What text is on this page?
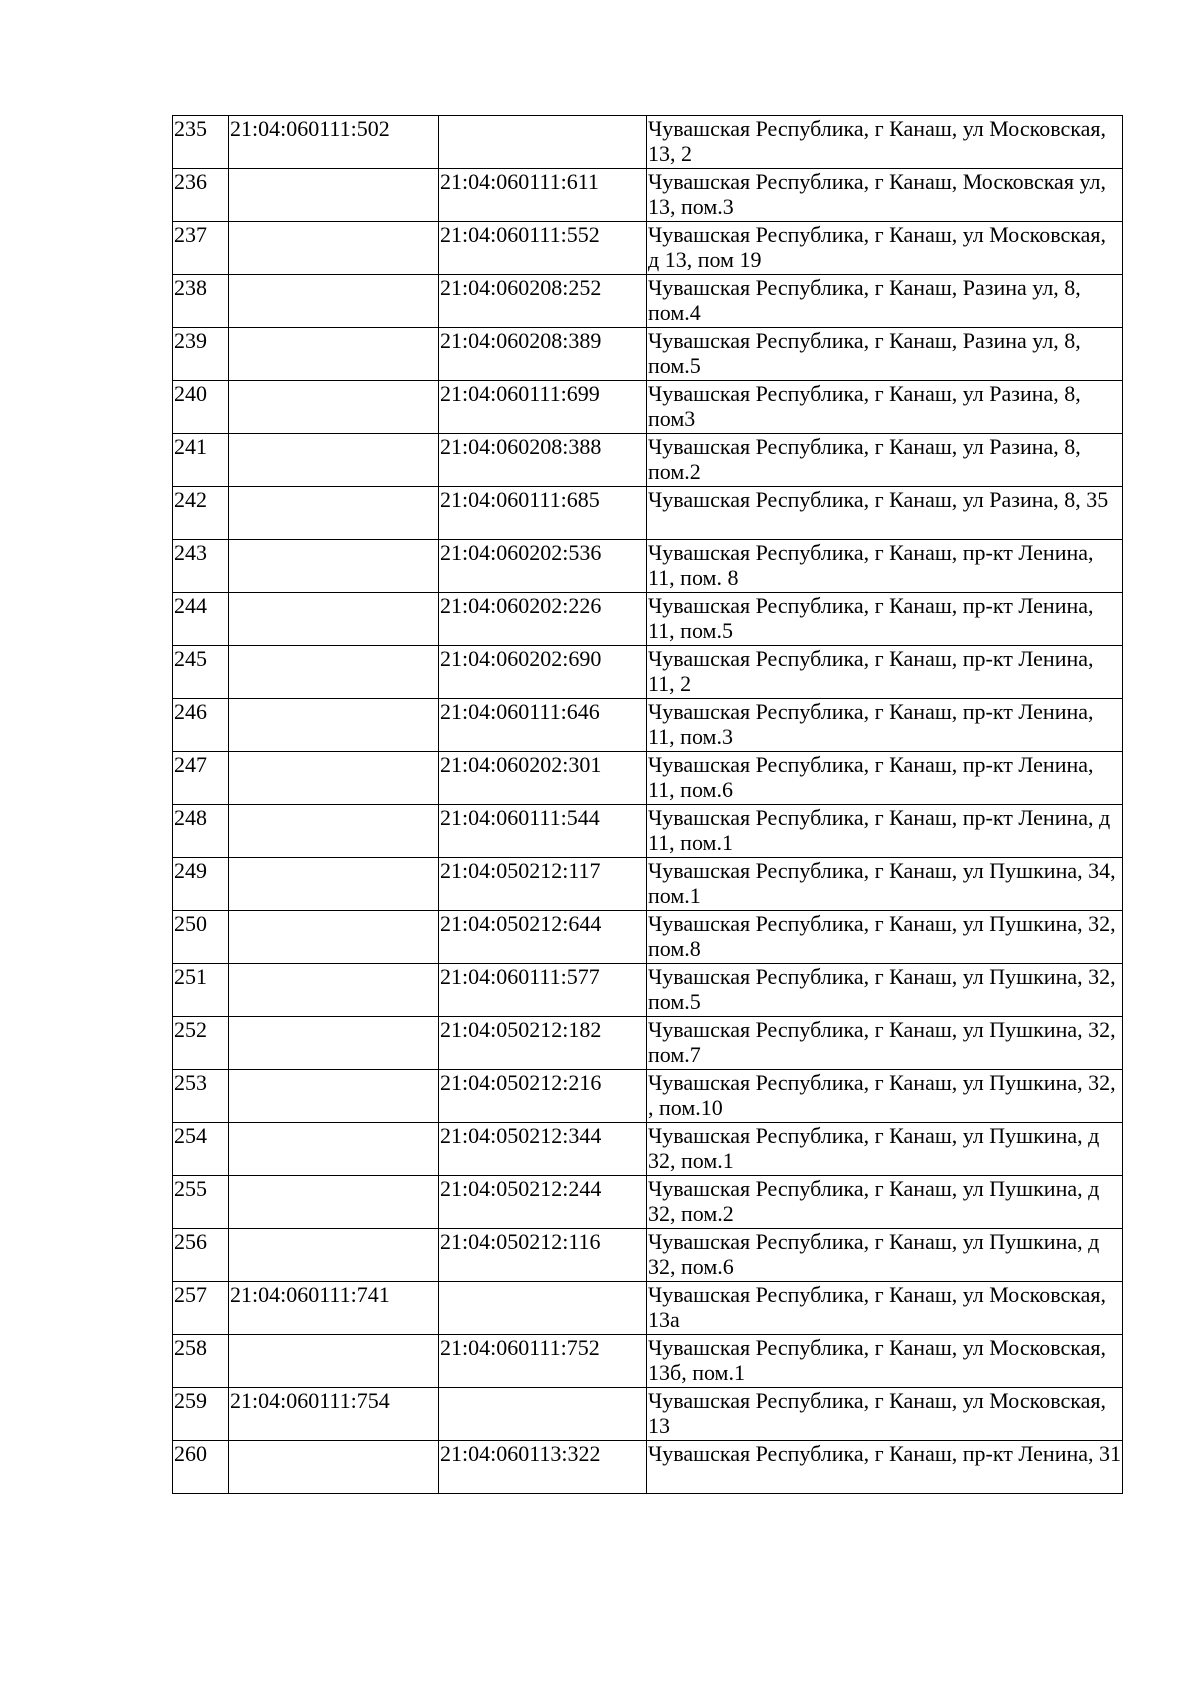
235	21:04:060111:502		Чувашская Республика, г Канаш, ул Московская, 13, 2
236		21:04:060111:611	Чувашская Республика, г Канаш, Московская ул, 13, пом.3
237		21:04:060111:552	Чувашская Республика, г Канаш, ул Московская, д 13, пом 19
238		21:04:060208:252	Чувашская Республика, г Канаш, Разина ул, 8, пом.4
239		21:04:060208:389	Чувашская Республика, г Канаш, Разина ул, 8, пом.5
240		21:04:060111:699	Чувашская Республика, г Канаш, ул Разина, 8, пом3
241		21:04:060208:388	Чувашская Республика, г Канаш, ул Разина, 8, пом.2
242		21:04:060111:685	Чувашская Республика, г Канаш, ул Разина, 8, 35
243		21:04:060202:536	Чувашская Республика, г Канаш, пр-кт Ленина, 11, пом. 8
244		21:04:060202:226	Чувашская Республика, г Канаш, пр-кт Ленина, 11, пом.5
245		21:04:060202:690	Чувашская Республика, г Канаш, пр-кт Ленина, 11, 2
246		21:04:060111:646	Чувашская Республика, г Канаш, пр-кт Ленина, 11, пом.3
247		21:04:060202:301	Чувашская Республика, г Канаш, пр-кт Ленина, 11, пом.6
248		21:04:060111:544	Чувашская Республика, г Канаш, пр-кт Ленина, д 11, пом.1
249		21:04:050212:117	Чувашская Республика, г Канаш, ул Пушкина, 34, пом.1
250		21:04:050212:644	Чувашская Республика, г Канаш, ул Пушкина, 32, пом.8
251		21:04:060111:577	Чувашская Республика, г Канаш, ул Пушкина, 32, пом.5
252		21:04:050212:182	Чувашская Республика, г Канаш, ул Пушкина, 32, пом.7
253		21:04:050212:216	Чувашская Республика, г Канаш, ул Пушкина, 32, , пом.10
254		21:04:050212:344	Чувашская Республика, г Канаш, ул Пушкина, д 32, пом.1
255		21:04:050212:244	Чувашская Республика, г Канаш, ул Пушкина, д 32, пом.2
256		21:04:050212:116	Чувашская Республика, г Канаш, ул Пушкина, д 32, пом.6
257	21:04:060111:741		Чувашская Республика, г Канаш, ул Московская, 13а
258		21:04:060111:752	Чувашская Республика, г Канаш, ул Московская, 13б, пом.1
259	21:04:060111:754		Чувашская Республика, г Канаш, ул Московская, 13
260		21:04:060113:322	Чувашская Республика, г Канаш, пр-кт Ленина, 31
